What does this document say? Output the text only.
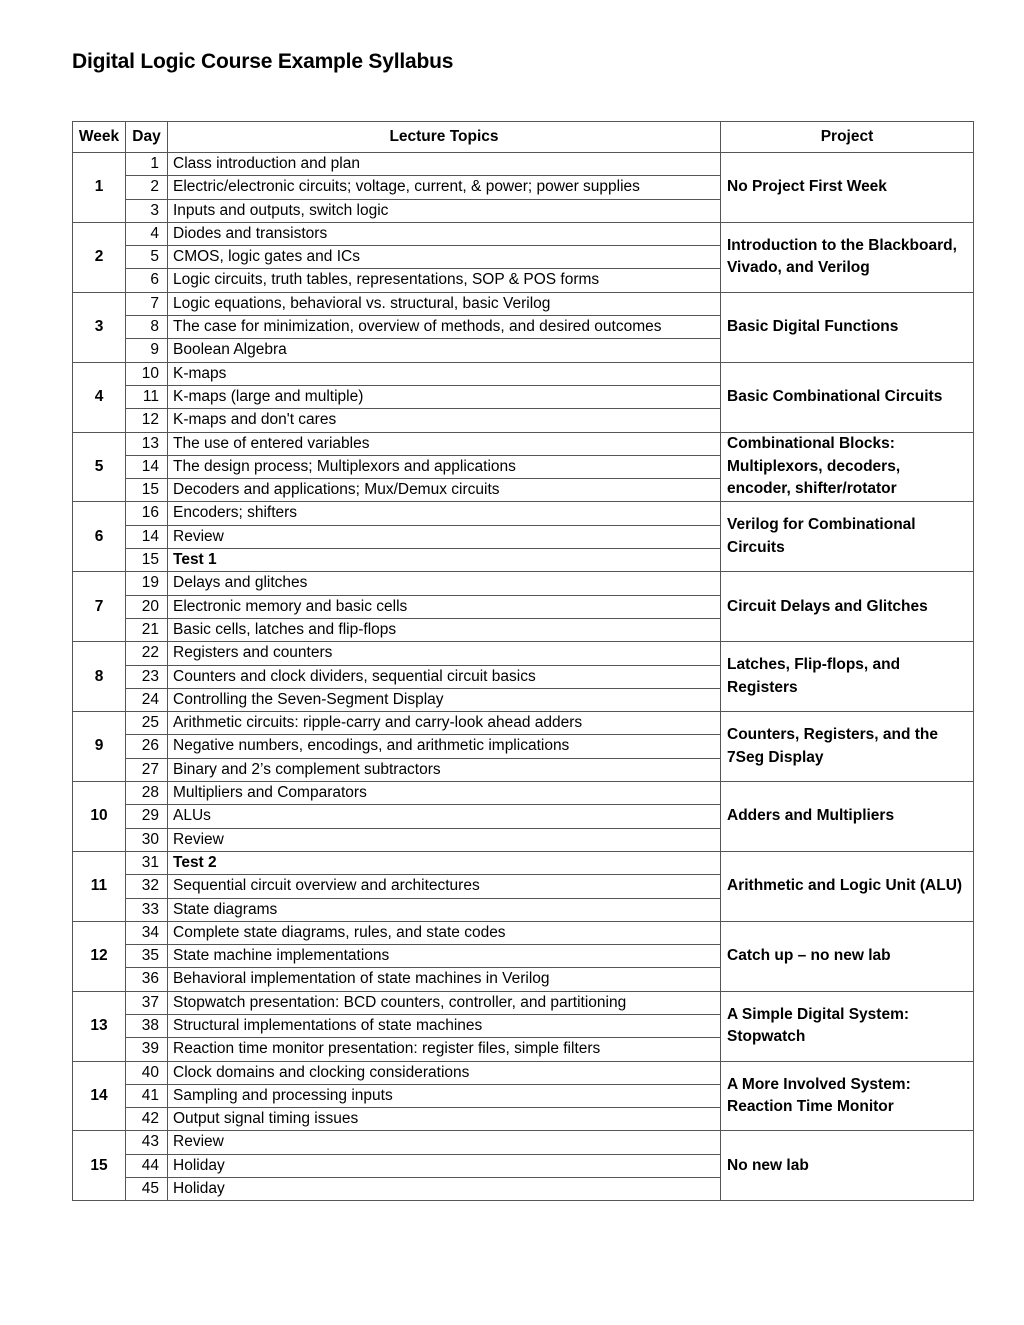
Digital Logic Course Example Syllabus
Week	Day	Lecture Topics	Project
1	1	Class introduction and plan	No Project First Week
	2	Electric/electronic circuits; voltage, current, & power; power supplies	
	3	Inputs and outputs, switch logic	
2	4	Diodes and transistors	Introduction to the Blackboard, Vivado, and Verilog
	5	CMOS, logic gates and ICs	
	6	Logic circuits, truth tables, representations, SOP & POS forms	
3	7	Logic equations, behavioral vs. structural, basic Verilog	Basic Digital Functions
	8	The case for minimization, overview of methods, and desired outcomes	
	9	Boolean Algebra	
4	10	K-maps	Basic Combinational Circuits
	11	K-maps (large and multiple)	
	12	K-maps and don't cares	
5	13	The use of entered variables	Combinational Blocks: Multiplexors, decoders, encoder, shifter/rotator
	14	The design process; Multiplexors and applications	
	15	Decoders and applications; Mux/Demux circuits	
6	16	Encoders; shifters	Verilog for Combinational Circuits
	14	Review	
	15	Test 1	
7	19	Delays and glitches	Circuit Delays and Glitches
	20	Electronic memory and basic cells	
	21	Basic cells, latches and flip-flops	
8	22	Registers and counters	Latches, Flip-flops, and Registers
	23	Counters and clock dividers, sequential circuit basics	
	24	Controlling the Seven-Segment Display	
9	25	Arithmetic circuits: ripple-carry and carry-look ahead adders	Counters, Registers, and the 7Seg Display
	26	Negative numbers, encodings, and arithmetic implications	
	27	Binary and 2’s complement subtractors	
10	28	Multipliers and Comparators	Adders and Multipliers
	29	ALUs	
	30	Review	
11	31	Test 2	Arithmetic and Logic Unit (ALU)
	32	Sequential circuit overview and architectures	
	33	State diagrams	
12	34	Complete state diagrams, rules, and state codes	Catch up – no new lab
	35	State machine implementations	
	36	Behavioral implementation of state machines in Verilog	
13	37	Stopwatch presentation: BCD counters, controller, and partitioning	A Simple Digital System: Stopwatch
	38	Structural implementations of state machines	
	39	Reaction time monitor presentation: register files, simple filters	
14	40	Clock domains and clocking considerations	A More Involved System: Reaction Time Monitor
	41	Sampling and processing inputs	
	42	Output signal timing issues	
15	43	Review	No new lab
	44	Holiday	
	45	Holiday	
